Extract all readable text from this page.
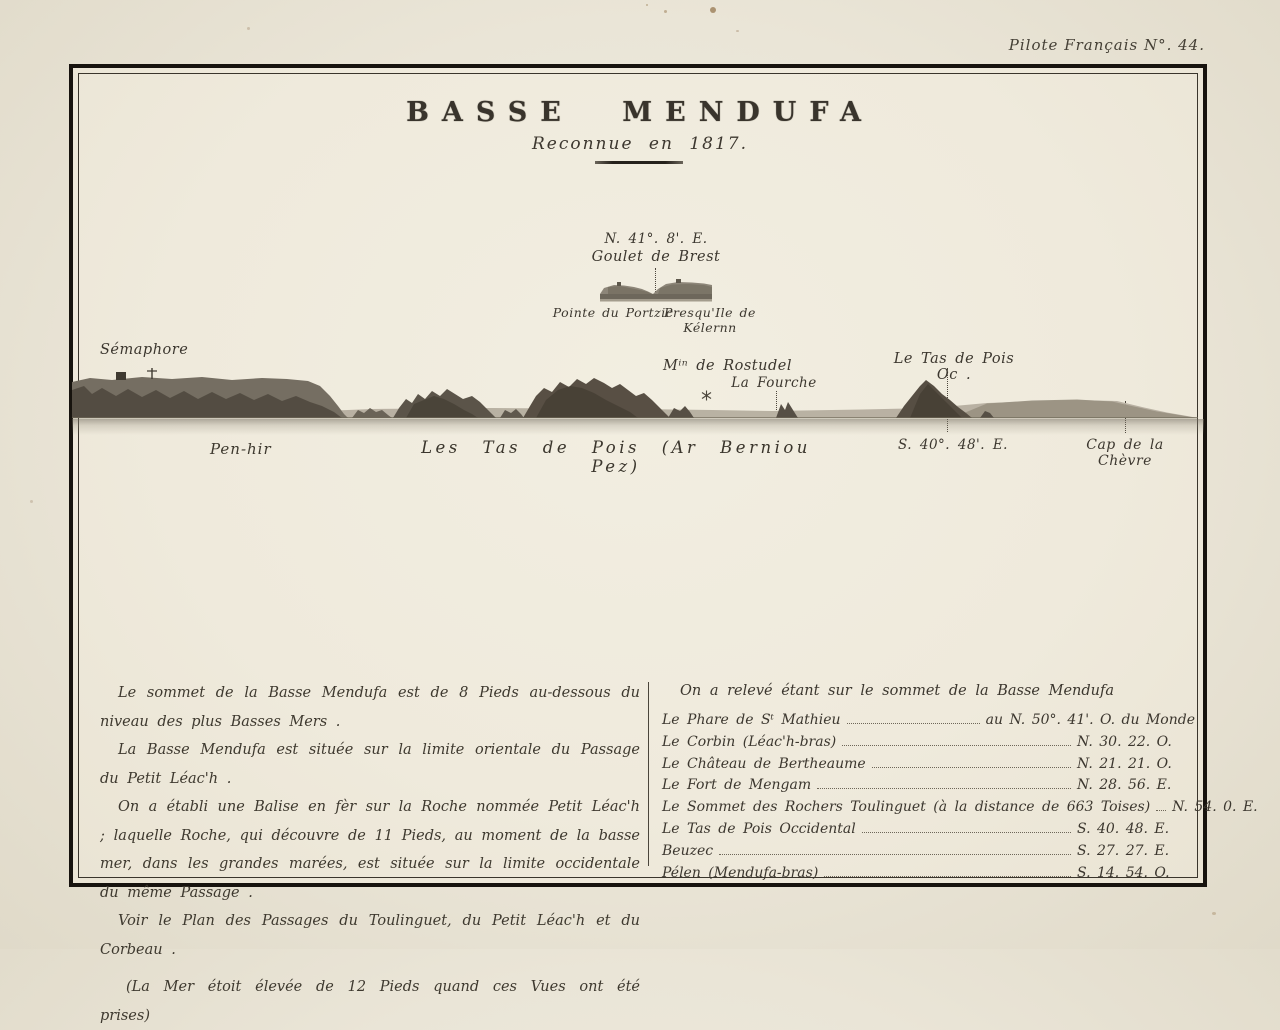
Pilote Français N°. 44.
BASSE MENDUFA
Reconnue en 1817.
N. 41°. 8'. E.
Goulet de Brest
Pointe du Portzic
Presqu'Ile de Kélernn
Sémaphore
Mⁱⁿ de Rostudel
La Fourche
Le Tas de Pois Oc .
Pen-hir	Les Tas de Pois (Ar Berniou Pez)
S. 40°. 48'. E.	Cap de la Chèvre

Le sommet de la Basse Mendufa est de 8 Pieds au-dessous du niveau des plus Basses Mers .

La Basse Mendufa est située sur la limite orientale du Passage du Petit Léac'h .

On a établi une Balise en fèr sur la Roche nommée Petit Léac'h ; laquelle Roche, qui découvre de 11 Pieds, au moment de la basse mer, dans les grandes marées, est située sur la limite occidentale du même Passage .

Voir le Plan des Passages du Toulinguet, du Petit Léac'h et du Corbeau .

(La Mer étoit élevée de 12 Pieds quand ces Vues ont été prises)

On a relevé étant sur le sommet de la Basse Mendufa

Le Phare de Sᵗ Mathieu	au N. 50°. 41'. O. du Monde
Le Corbin (Léac'h-bras)	N. 30. 22. O.
Le Château de Bertheaume	N. 21. 21. O.
Le Fort de Mengam	N. 28. 56. E.
Le Sommet des Rochers Toulinguet (à la distance de 663 Toises) N. 54. 0. E.
Le Tas de Pois Occidental	S. 40. 48. E.
Beuzec	S. 27. 27. E.
Pélen (Mendufa-bras)	S. 14. 54. O.
